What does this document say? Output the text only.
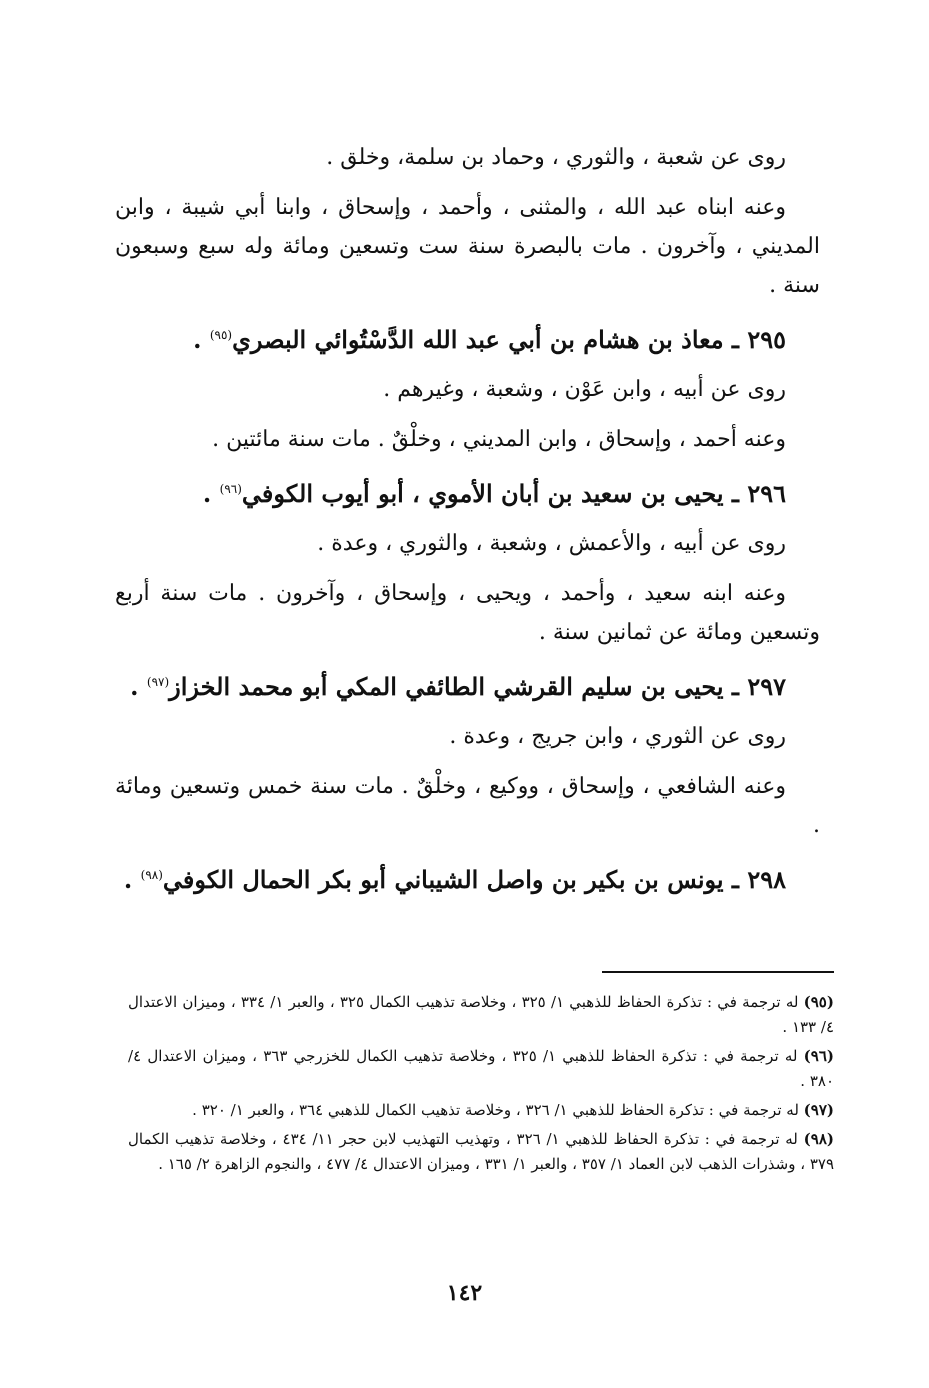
روى عن شعبة ، والثوري ، وحماد بن سلمة، وخلق .

وعنه ابناه عبد الله ، والمثنى ، وأحمد ، وإسحاق ، وابنا أبي شيبة ، وابن المديني ، وآخرون . مات بالبصرة سنة ست وتسعين ومائة وله سبع وسبعون سنة .

٢٩٥ ـ معاذ بن هشام بن أبي عبد الله الدَّسْتُوائي البصري$^{(٩٥)}$ .

روى عن أبيه ، وابن عَوْن ، وشعبة ، وغيرهم .

وعنه أحمد ، وإسحاق ، وابن المديني ، وخلْقٌ . مات سنة مائتين .

٢٩٦ ـ يحيى بن سعيد بن أبان الأموي ، أبو أيوب الكوفي$^{(٩٦)}$ .

روى عن أبيه ، والأعمش ، وشعبة ، والثوري ، وعدة .

وعنه ابنه سعيد ، وأحمد ، ويحيى ، وإسحاق ، وآخرون . مات سنة أربع وتسعين ومائة عن ثمانين سنة .

٢٩٧ ـ يحيى بن سليم القرشي الطائفي المكي أبو محمد الخزاز$^{(٩٧)}$ .

روى عن الثوري ، وابن جريج ، وعدة .

وعنه الشافعي ، وإسحاق ، ووكيع ، وخلْقٌ . مات سنة خمس وتسعين ومائة .

٢٩٨ ـ يونس بن بكير بن واصل الشيباني أبو بكر الحمال الكوفي$^{(٩٨)}$ .

(٩٥) له ترجمة في : تذكرة الحفاظ للذهبي ١/ ٣٢٥ ، وخلاصة تذهيب الكمال ٣٢٥ ، والعبر ١/ ٣٣٤ ، وميزان الاعتدال ٤/ ١٣٣ .

(٩٦) له ترجمة في : تذكرة الحفاظ للذهبي ١/ ٣٢٥ ، وخلاصة تذهيب الكمال للخزرجي ٣٦٣ ، وميزان الاعتدال ٤/ ٣٨٠ .

(٩٧) له ترجمة في : تذكرة الحفاظ للذهبي ١/ ٣٢٦ ، وخلاصة تذهيب الكمال للذهبي ٣٦٤ ، والعبر ١/ ٣٢٠ .

(٩٨) له ترجمة في : تذكرة الحفاظ للذهبي ١/ ٣٢٦ ، وتهذيب التهذيب لابن حجر ١١/ ٤٣٤ ، وخلاصة تذهيب الكمال ٣٧٩ ، وشذرات الذهب لابن العماد ١/ ٣٥٧ ، والعبر ١/ ٣٣١ ، وميزان الاعتدال ٤/ ٤٧٧ ، والنجوم الزاهرة ٢/ ١٦٥ .

١٤٢
